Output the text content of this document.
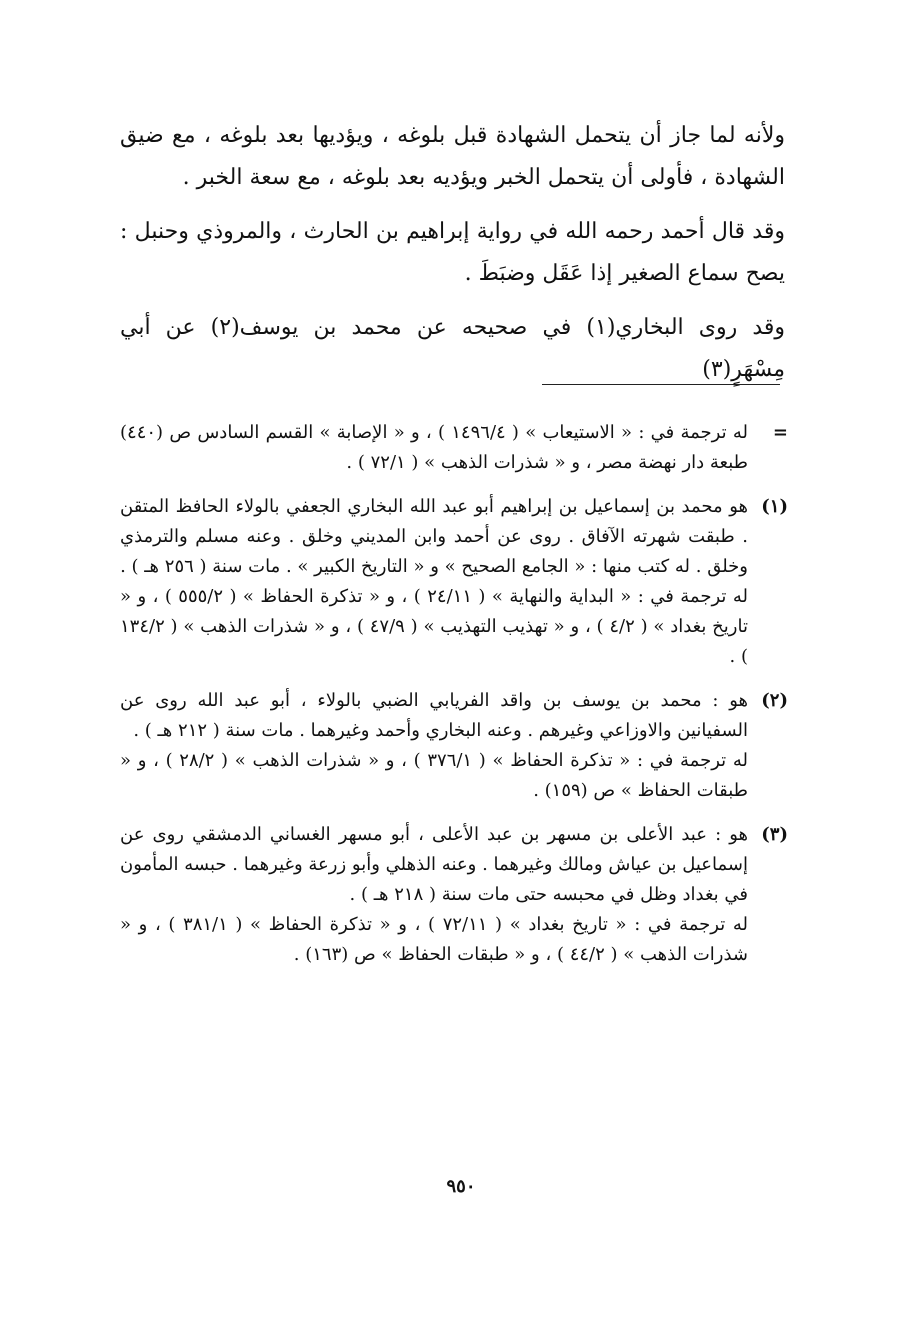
ولأنه لما جاز أن يتحمل الشهادة قبل بلوغه ، ويؤديها بعد بلوغه ، مع ضيق الشهادة ، فأولى أن يتحمل الخبر ويؤديه بعد بلوغه ، مع سعة الخبر .

وقد قال أحمد رحمه الله في رواية إبراهيم بن الحارث ، والمروذي وحنبل : يصح سماع الصغير إذا عَقَل وضبَطَ .

وقد روى البخاري(١) في صحيحه عن محمد بن يوسف(٢) عن أبي مِسْهَرٍ(٣)

=

له ترجمة في : « الاستيعاب » ( ١٤٩٦/٤ ) ، و « الإصابة » القسم السادس ص (٤٤٠) طبعة دار نهضة مصر ، و « شذرات الذهب » ( ٧٢/١ ) .

(١)

هو محمد بن إسماعيل بن إبراهيم أبو عبد الله البخاري الجعفي بالولاء الحافظ المتقن . طبقت شهرته الآفاق . روى عن أحمد وابن المديني وخلق . وعنه مسلم والترمذي وخلق . له كتب منها : « الجامع الصحيح » و « التاريخ الكبير » . مات سنة ( ٢٥٦ هـ ) .

له ترجمة في : « البداية والنهاية » ( ٢٤/١١ ) ، و « تذكرة الحفاظ » ( ٥٥٥/٢ ) ، و « تاريخ بغداد » ( ٤/٢ ) ، و « تهذيب التهذيب » ( ٤٧/٩ ) ، و « شذرات الذهب » ( ١٣٤/٢ ) .

(٢)

هو : محمد بن يوسف بن واقد الفريابي الضبي بالولاء ، أبو عبد الله روى عن السفيانين والاوزاعي وغيرهم . وعنه البخاري وأحمد وغيرهما . مات سنة ( ٢١٢ هـ ) .

له ترجمة في : « تذكرة الحفاظ » ( ٣٧٦/١ ) ، و « شذرات الذهب » ( ٢٨/٢ ) ، و « طبقات الحفاظ » ص (١٥٩) .

(٣)

هو : عبد الأعلى بن مسهر بن عبد الأعلى ، أبو مسهر الغساني الدمشقي روى عن إسماعيل بن عياش ومالك وغيرهما . وعنه الذهلي وأبو زرعة وغيرهما . حبسه المأمون في بغداد وظل في محبسه حتى مات سنة ( ٢١٨ هـ ) .

له ترجمة في : « تاريخ بغداد » ( ٧٢/١١ ) ، و « تذكرة الحفاظ » ( ٣٨١/١ ) ، و « شذرات الذهب » ( ٤٤/٢ ) ، و « طبقات الحفاظ » ص (١٦٣) .

٩٥٠
